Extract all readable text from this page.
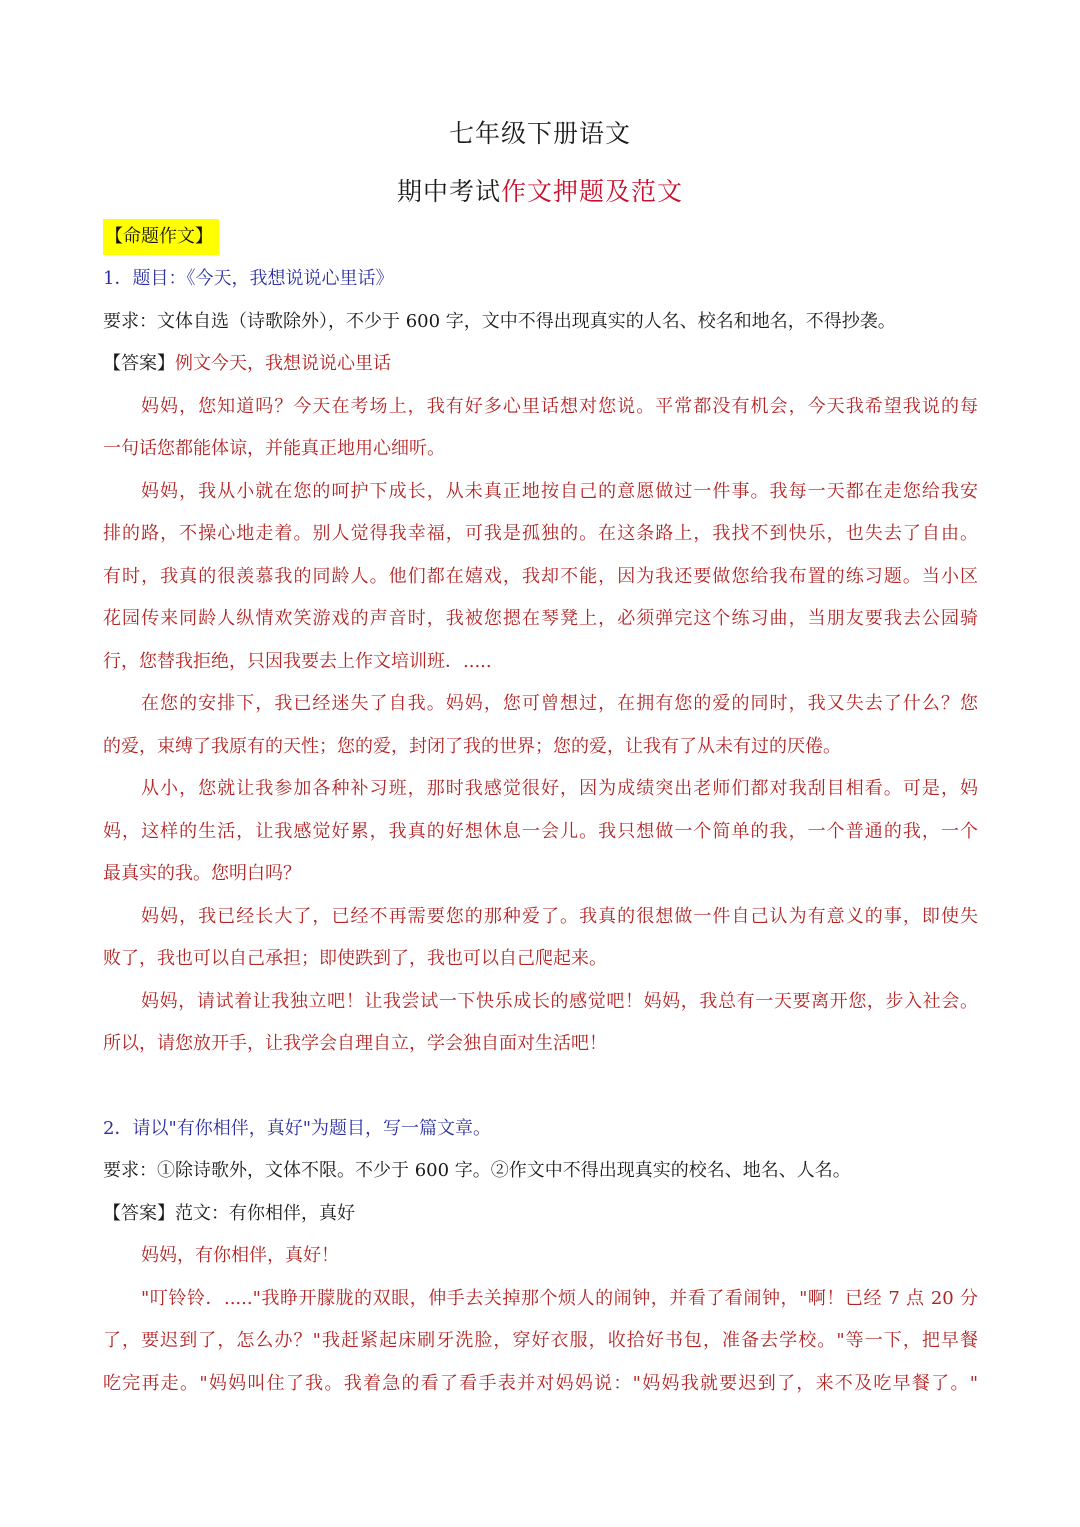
七年级下册语文
期中考试作文押题及范文
【命题作文】
1．题目：《今天，我想说说心里话》
要求：文体自选（诗歌除外），不少于 600 字，文中不得出现真实的人名、校名和地名，不得抄袭。
【答案】例文今天，我想说说心里话
妈妈，您知道吗？今天在考场上，我有好多心里话想对您说。平常都没有机会，今天我希望我说的每
一句话您都能体谅，并能真正地用心细听。
妈妈，我从小就在您的呵护下成长，从未真正地按自己的意愿做过一件事。我每一天都在走您给我安
排的路，不操心地走着。别人觉得我幸福，可我是孤独的。在这条路上，我找不到快乐，也失去了自由。
有时，我真的很羡慕我的同龄人。他们都在嬉戏，我却不能，因为我还要做您给我布置的练习题。当小区
花园传来同龄人纵情欢笑游戏的声音时，我被您摁在琴凳上，必须弹完这个练习曲，当朋友要我去公园骑
行，您替我拒绝，只因我要去上作文培训班．.....
在您的安排下，我已经迷失了自我。妈妈，您可曾想过，在拥有您的爱的同时，我又失去了什么？您
的爱，束缚了我原有的天性；您的爱，封闭了我的世界；您的爱，让我有了从未有过的厌倦。
从小，您就让我参加各种补习班，那时我感觉很好，因为成绩突出老师们都对我刮目相看。可是，妈
妈，这样的生活，让我感觉好累，我真的好想休息一会儿。我只想做一个简单的我，一个普通的我，一个
最真实的我。您明白吗？
妈妈，我已经长大了，已经不再需要您的那种爱了。我真的很想做一件自己认为有意义的事，即使失
败了，我也可以自己承担；即使跌到了，我也可以自己爬起来。
妈妈，请试着让我独立吧！让我尝试一下快乐成长的感觉吧！妈妈，我总有一天要离开您，步入社会。
所以，请您放开手，让我学会自理自立，学会独自面对生活吧！
2．请以"有你相伴，真好"为题目，写一篇文章。
要求：①除诗歌外，文体不限。不少于 600 字。②作文中不得出现真实的校名、地名、人名。
【答案】范文：有你相伴，真好
妈妈，有你相伴，真好！
"叮铃铃．....."我睁开朦胧的双眼，伸手去关掉那个烦人的闹钟，并看了看闹钟，"啊！已经 7 点 20 分
了，要迟到了，怎么办？"我赶紧起床刷牙洗脸，穿好衣服，收拾好书包，准备去学校。"等一下，把早餐
吃完再走。"妈妈叫住了我。我着急的看了看手表并对妈妈说："妈妈我就要迟到了，来不及吃早餐了。"
